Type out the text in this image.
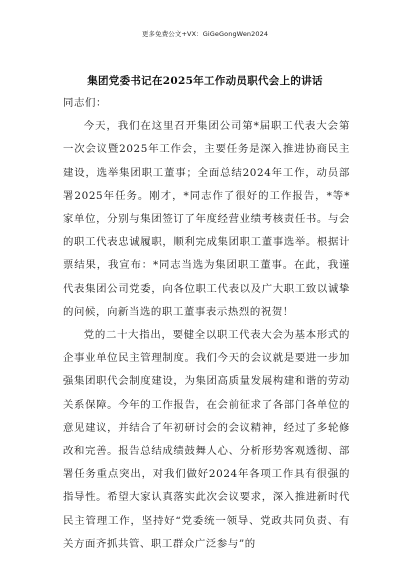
更多免费公文+VX：GiGeGongWen2024
集团党委书记在2025年工作动员职代会上的讲话

同志们：

今天，我们在这里召开集团公司第*届职工代表大会第一次会议暨2025年工作会，主要任务是深入推进协商民主建设，选举集团职工董事；全面总结2024年工作，动员部署2025年任务。刚才，*同志作了很好的工作报告，*等*家单位，分别与集团签订了年度经营业绩考核责任书。与会的职工代表忠诚履职，顺利完成集团职工董事选举。根据计票结果，我宣布：*同志当选为集团职工董事。在此，我谨代表集团公司党委，向各位职工代表以及广大职工致以诚挚的问候，向新当选的职工董事表示热烈的祝贺！

党的二十大指出，要健全以职工代表大会为基本形式的企事业单位民主管理制度。我们今天的会议就是要进一步加强集团职代会制度建设，为集团高质量发展构建和谐的劳动关系保障。今年的工作报告，在会前征求了各部门各单位的意见建议，并结合了年初研讨会的会议精神，经过了多轮修改和完善。报告总结成绩鼓舞人心、分析形势客观透彻、部署任务重点突出，对我们做好2024年各项工作具有很强的指导性。希望大家认真落实此次会议要求，深入推进新时代民主管理工作，坚持好“党委统一领导、党政共同负责、有关方面齐抓共管、职工群众广泛参与”的
